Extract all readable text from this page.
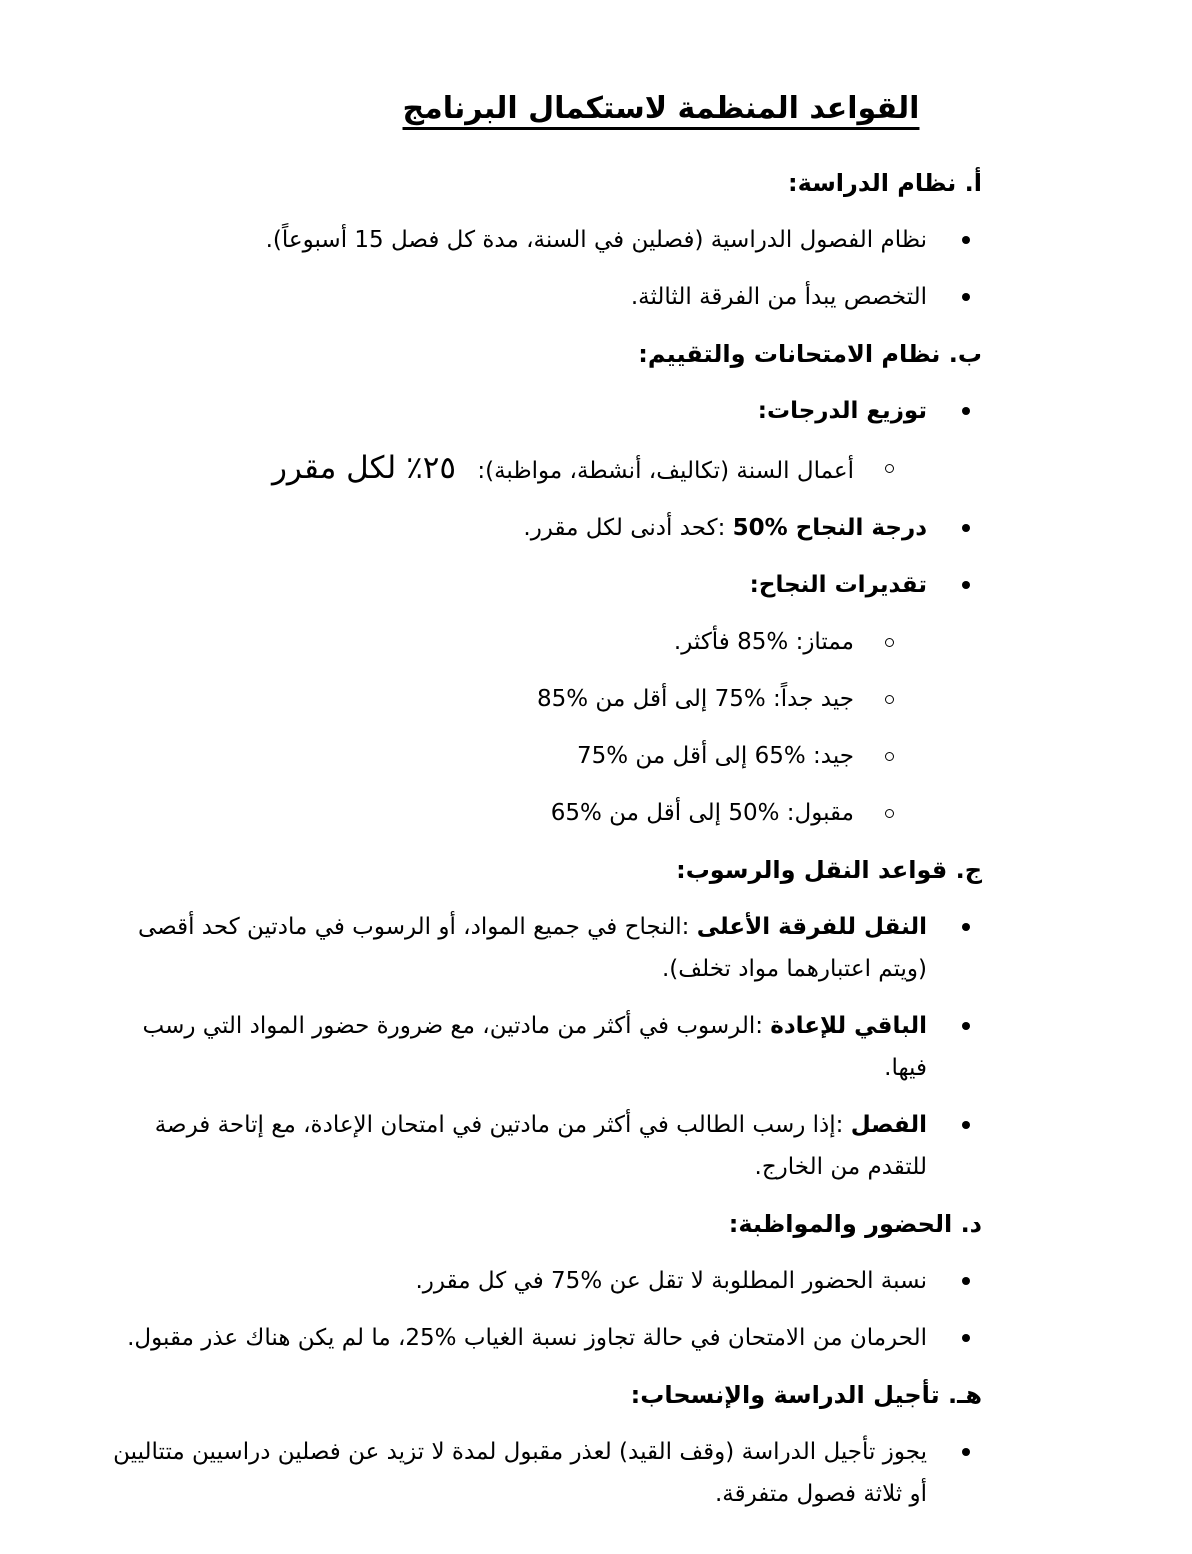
القواعد المنظمة لاستكمال البرنامج
أ. نظام الدراسة:
نظام الفصول الدراسية (فصلين في السنة، مدة كل فصل 15 أسبوعاً).
التخصص يبدأ من الفرقة الثالثة.
ب. نظام الامتحانات والتقييم:
توزيع الدرجات:
أعمال السنة (تكاليف، أنشطة، مواظبة): ٢٥٪ لكل مقرر
درجة النجاح %50 :كحد أدنى لكل مقرر.
تقديرات النجاح:
ممتاز: %85 فأكثر.
جيد جداً: %75 إلى أقل من %85
جيد: %65 إلى أقل من %75
مقبول: %50 إلى أقل من %65
ج. قواعد النقل والرسوب:
النقل للفرقة الأعلى :النجاح في جميع المواد، أو الرسوب في مادتين كحد أقصى (ويتم اعتبارهما مواد تخلف).
الباقي للإعادة :الرسوب في أكثر من مادتين، مع ضرورة حضور المواد التي رسب فيها.
الفصل :إذا رسب الطالب في أكثر من مادتين في امتحان الإعادة، مع إتاحة فرصة للتقدم من الخارج.
د. الحضور والمواظبة:
نسبة الحضور المطلوبة لا تقل عن %75 في كل مقرر.
الحرمان من الامتحان في حالة تجاوز نسبة الغياب %25، ما لم يكن هناك عذر مقبول.
هـ. تأجيل الدراسة والإنسحاب:
يجوز تأجيل الدراسة (وقف القيد) لعذر مقبول لمدة لا تزيد عن فصلين دراسيين متتاليين أو ثلاثة فصول متفرقة.
